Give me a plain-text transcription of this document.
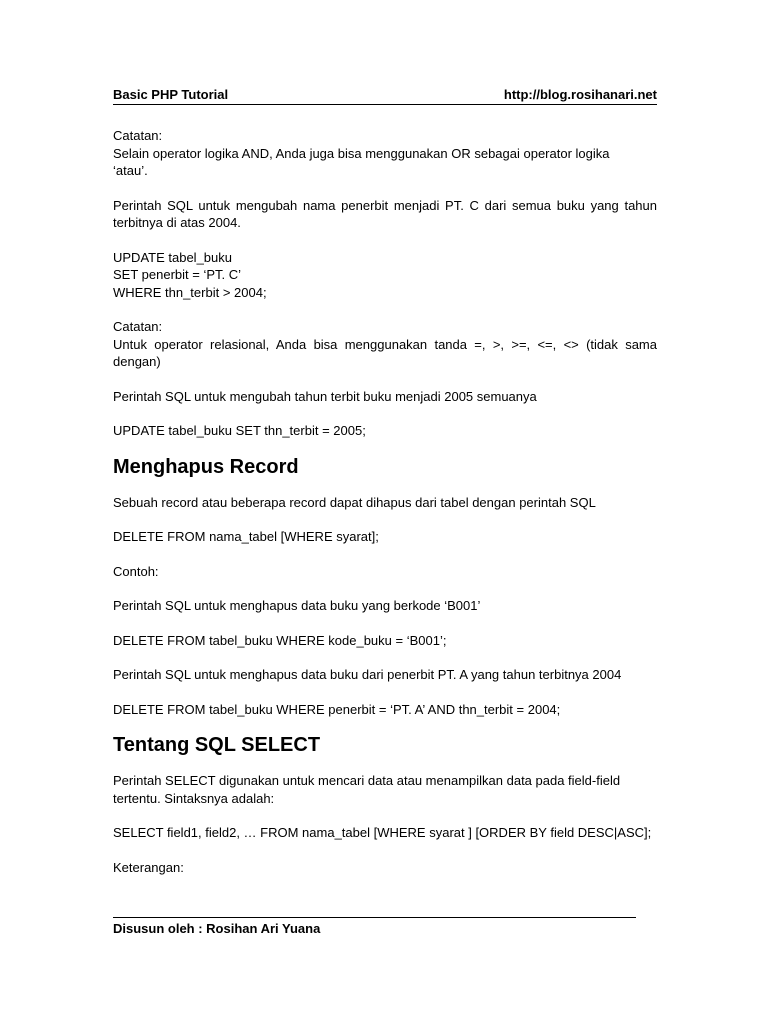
Basic PHP Tutorial	http://blog.rosihanari.net

Catatan:

Selain operator logika AND, Anda juga bisa menggunakan OR sebagai operator logika
‘atau’.

Perintah SQL untuk mengubah nama penerbit menjadi PT. C dari semua buku yang tahun terbitnya di atas 2004.

UPDATE tabel_buku

SET penerbit = ‘PT. C’

WHERE thn_terbit > 2004;

Catatan:

Untuk operator relasional, Anda bisa menggunakan tanda =, >, >=, <=, <> (tidak sama dengan)

Perintah SQL untuk mengubah tahun terbit buku menjadi 2005 semuanya

UPDATE tabel_buku SET thn_terbit = 2005;

Menghapus Record

Sebuah record atau beberapa record dapat dihapus dari tabel dengan perintah SQL

DELETE FROM nama_tabel [WHERE syarat];

Contoh:

Perintah SQL untuk menghapus data buku yang berkode ‘B001’

DELETE FROM tabel_buku WHERE kode_buku = ‘B001’;

Perintah SQL untuk menghapus data buku dari penerbit PT. A yang tahun terbitnya 2004

DELETE FROM tabel_buku WHERE penerbit = ‘PT. A’ AND thn_terbit = 2004;

Tentang SQL SELECT

Perintah SELECT digunakan untuk mencari data atau menampilkan data pada field-field
tertentu. Sintaksnya adalah:

SELECT field1, field2, … FROM nama_tabel [WHERE syarat ] [ORDER BY field DESC|ASC];

Keterangan:

Disusun oleh : Rosihan Ari Yuana
